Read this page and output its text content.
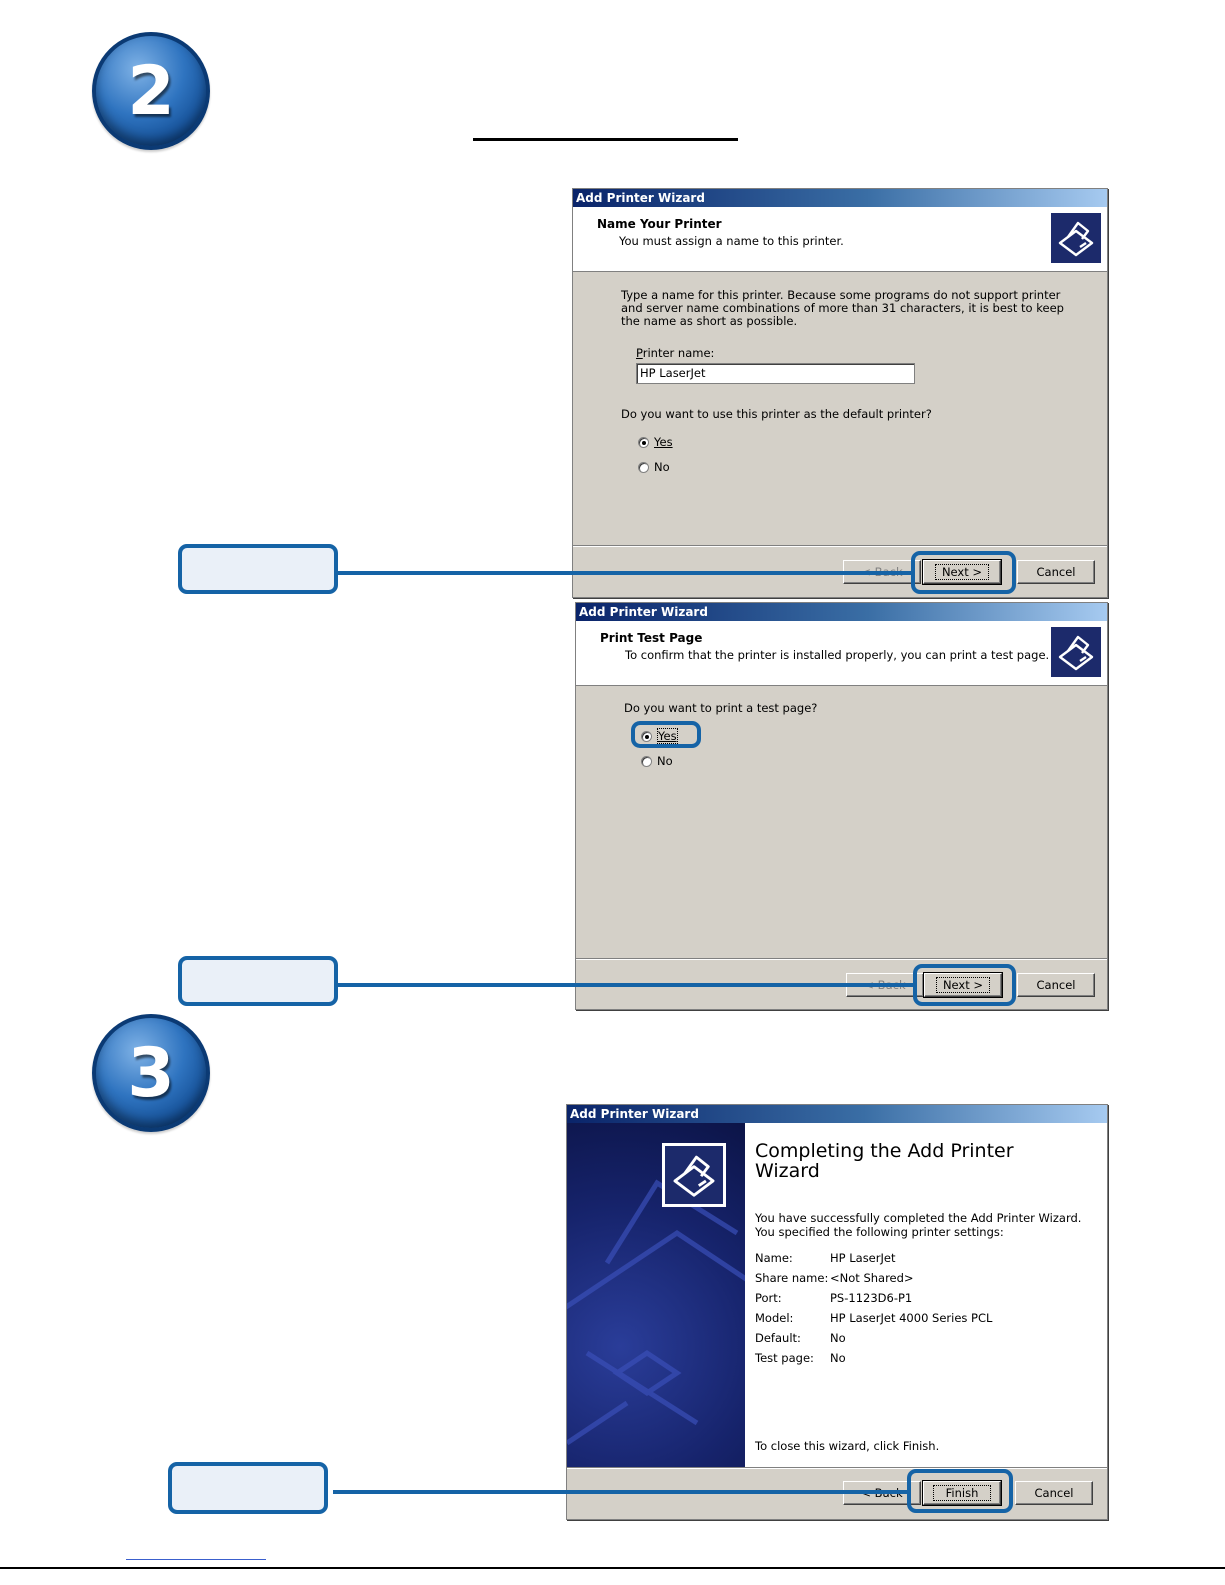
2
Add Printer Wizard
Name Your Printer
You must assign a name to this printer.
Type a name for this printer. Because some programs do not support printer and server name combinations of more than 31 characters, it is best to keep the name as short as possible.
Printer name:
HP LaserJet
Do you want to use this printer as the default printer?
Yes
No
Next >	Cancel
Add Printer Wizard
Print Test Page
To confirm that the printer is installed properly, you can print a test page.
Do you want to print a test page?
Yes
No
Next >	Cancel
3
Add Printer Wizard
Completing the Add Printer Wizard
You have successfully completed the Add Printer Wizard.
You specified the following printer settings:
Name:	HP LaserJet
Share name: <Not Shared>
Port:	PS-1123D6-P1
Model:	HP LaserJet 4000 Series PCL
Default:	No
Test page: No
To close this wizard, click Finish.
Finish	Cancel
